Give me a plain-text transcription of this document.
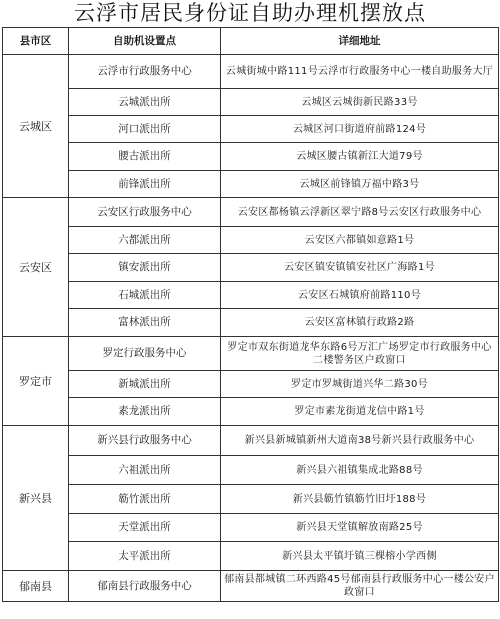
云浮市居民身份证自助办理机摆放点
县市区	自助机设置点	详细地址
云城区	云浮市行政服务中心	云城街城中路111号云浮市行政服务中心一楼自助服务大厅
	云城派出所	云城区云城街新民路33号
	河口派出所	云城区河口街道府前路124号
	腰古派出所	云城区腰古镇新江大道79号
	前锋派出所	云城区前锋镇万福中路3号
云安区	云安区行政服务中心	云安区都杨镇云浮新区翠宁路8号云安区行政服务中心
	六都派出所	云安区六都镇如意路1号
	镇安派出所	云安区镇安镇镇安社区广海路1号
	石城派出所	云安区石城镇府前路110号
	富林派出所	云安区富林镇行政路2路
罗定市	罗定行政服务中心	罗定市双东街道龙华东路6号万汇广场罗定市行政服务中心二楼警务区户政窗口
	新城派出所	罗定市罗城街道兴华二路30号
	素龙派出所	罗定市素龙街道龙信中路1号
新兴县	新兴县行政服务中心	新兴县新城镇新州大道南38号新兴县行政服务中心
	六祖派出所	新兴县六祖镇集成北路88号
	簕竹派出所	新兴县簕竹镇簕竹旧圩188号
	天堂派出所	新兴县天堂镇解放南路25号
	太平派出所	新兴县太平镇圩镇三棵榕小学西侧
郁南县	郁南县行政服务中心	郁南县都城镇二环西路45号郁南县行政服务中心一楼公安户政窗口
